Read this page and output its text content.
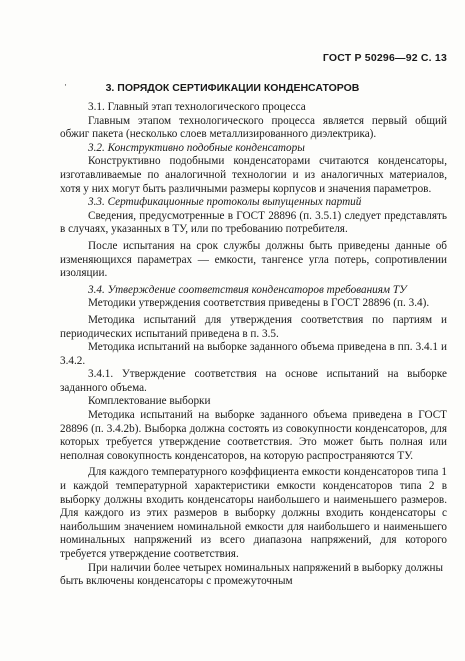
ГОСТ Р 50296—92 С. 13
·	3. ПОРЯДОК СЕРТИФИКАЦИИ КОНДЕНСАТОРОВ

3.1. Главный этап технологического процесса

Главным этапом технологического процесса является первый общий обжиг пакета (несколько слоев металлизированного диэлектрика).

3.2. Конструктивно подобные конденсаторы

Конструктивно подобными конденсаторами считаются конденсаторы, изготавливаемые по аналогичной технологии и из аналогичных материалов, хотя у них могут быть различными размеры корпусов и значения параметров.

3.3. Сертификационные протоколы выпущенных партий

Сведения, предусмотренные в ГОСТ 28896 (п. 3.5.1) следует представлять в случаях, указанных в ТУ, или по требованию потребителя.

После испытания на срок службы должны быть приведены данные об изменяющихся параметрах — емкости, тангенсе угла потерь, сопротивлении изоляции.

3.4. Утверждение соответствия конденсаторов требованиям ТУ

Методики утверждения соответствия приведены в ГОСТ 28896 (п. 3.4).

Методика испытаний для утверждения соответствия по партиям и периодических испытаний приведена в п. 3.5.

Методика испытаний на выборке заданного объема приведена в пп. 3.4.1 и 3.4.2.

3.4.1. Утверждение соответствия на основе испытаний на выборке заданного объема.

Комплектование выборки

Методика испытаний на выборке заданного объема приведена в ГОСТ 28896 (п. 3.4.2b). Выборка должна состоять из совокупности конденсаторов, для которых требуется утверждение соответствия. Это может быть полная или неполная совокупность конденсаторов, на которую распространяются ТУ.

Для каждого температурного коэффициента емкости конденсаторов типа 1 и каждой температурной характеристики емкости конденсаторов типа 2 в выборку должны входить конденсаторы наибольшего и наименьшего размеров. Для каждого из этих размеров в выборку должны входить конденсаторы с наибольшим значением номинальной емкости для наибольшего и наименьшего номинальных напряжений из всего диапазона напряжений, для которого требуется утверждение соответствия.

При наличии более четырех номинальных напряжений в выборку должны быть включены конденсаторы с промежуточным
